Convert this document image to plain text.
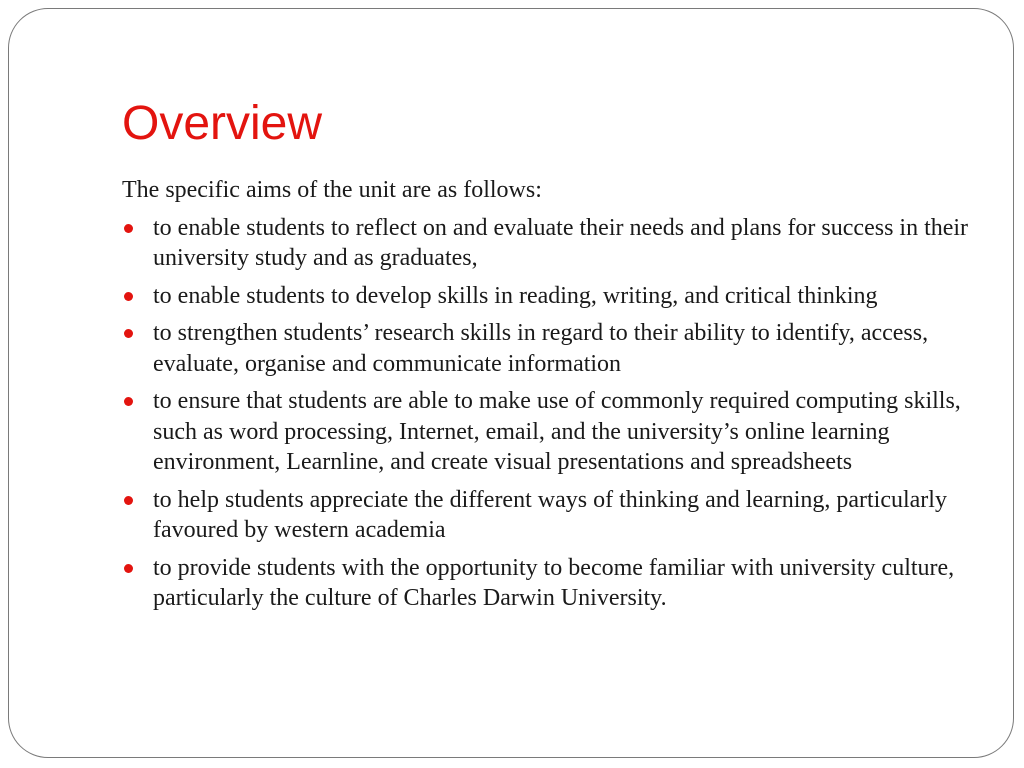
Overview

The specific aims of the unit are as follows:

to enable students to reflect on and evaluate their needs and plans for success in their university study and as graduates,
to enable students to develop skills in reading, writing, and critical thinking
to strengthen students’ research skills in regard to their ability to identify, access, evaluate, organise and communicate information
to ensure that students are able to make use of commonly required computing skills, such as word processing, Internet, email, and the university’s online learning environment, Learnline, and create visual presentations and spreadsheets
to help students appreciate the different ways of thinking and learning, particularly favoured by western academia
to provide students with the opportunity to become familiar with university culture, particularly the culture of Charles Darwin University.
